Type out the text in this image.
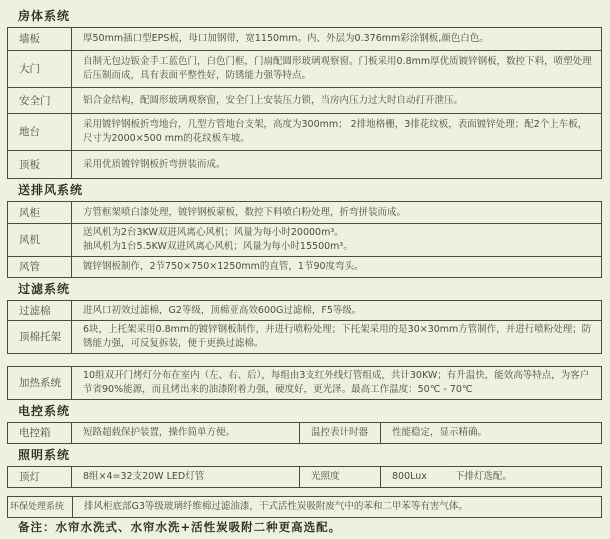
房体系统
墙板	厚50mm插口型EPS板，母口加钢带，宽1150mm。内、外层为0.376mm彩涂钢板,颜色白色。
大门	自制无包边钣金手工蓝色门，白色门框，门扇配圆形玻璃观察窗。门板采用0.8mm厚优质镀锌钢板，数控下料，喷塑处理后压制而成，具有表面平整性好，防锈能力强等特点。
安全门	铝合金结构，配圆形玻璃观察窗，安全门上安装压力锁，当房内压力过大时自动打开泄压。
地台	采用镀锌钢板折弯地台，几型方管地台支架，高度为300mm； 2排地格栅，3排花纹板，表面镀锌处理；配2个上车板，尺寸为2000×500 mm的花纹板车坡。
顶板	采用优质镀锌钢板折弯拼装而成。
送排风系统
风柜	方管框架喷白漆处理，镀锌钢板蒙板，数控下料喷白粉处理，折弯拼装而成。
风机	送风机为2台3KW双进风离心风机；风量为每小时20000m³。
抽风机为1台5.5KW双进风离心风机；风量为每小时15500m³。

风管	镀锌钢板制作，2节750×750×1250mm的直管，1节90度弯头。
过滤系统
过滤棉	进风口初效过滤棉，G2等级，顶棉亚高效600G过滤棉，F5等级。
顶棉托架	6块，上托架采用0.8mm的镀锌钢板制作，并进行喷粉处理；下托架采用的是30×30mm方管制作，并进行喷粉处理；防锈能力强，可反复拆装，便于更换过滤棉。
加热系统	10组双开门烤灯分布在室内（左、右、后），每组由3支红外线灯管组成，共计30KW；有升温快，能效高等特点，为客户节省90%能源，而且烤出来的油漆附着力强，硬度好，更光泽。最高工作温度：50℃ - 70℃
电控系统
电控箱	短路超载保护装置，操作简单方便。	温控表计时器	性能稳定，显示精确。
照明系统
顶灯	8组×4=32支20W LED灯管	光照度	800Lux	下排灯选配。
环保处理系统	排风柜底部G3等级玻璃纤维棉过滤油漆，干式活性炭吸附废气中的苯和二甲苯等有害气体。
备注：水帘水洗式、水帘水洗+活性炭吸附二种更高选配。
